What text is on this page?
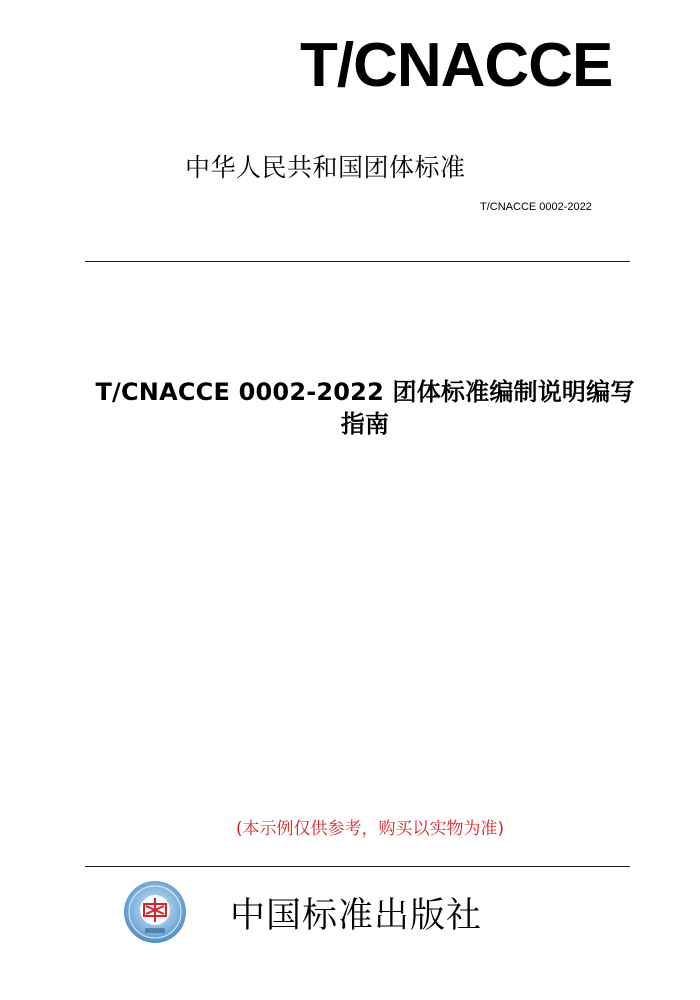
T/CNACCE
中华人民共和国团体标准
T/CNACCE 0002-2022
T/CNACCE 0002-2022 团体标准编制说明编写
指南
(本示例仅供参考，购买以实物为准)
中国标准出版社
